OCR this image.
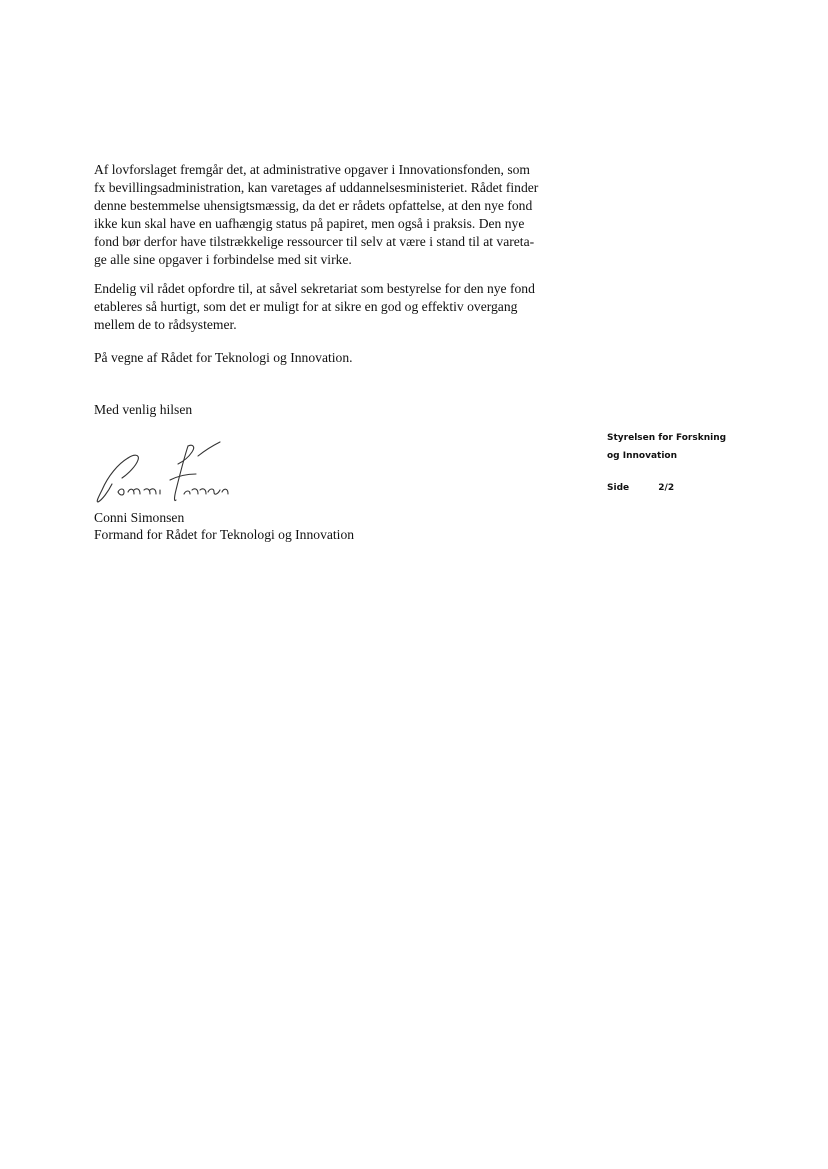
Af lovforslaget fremgår det, at administrative opgaver i Innovationsfonden, som
fx bevillingsadministration, kan varetages af uddannelsesministeriet. Rådet finder
denne bestemmelse uhensigtsmæssig, da det er rådets opfattelse, at den nye fond
ikke kun skal have en uafhængig status på papiret, men også i praksis. Den nye
fond bør derfor have tilstrækkelige ressourcer til selv at være i stand til at vareta-
ge alle sine opgaver i forbindelse med sit virke.

Endelig vil rådet opfordre til, at såvel sekretariat som bestyrelse for den nye fond
etableres så hurtigt, som det er muligt for at sikre en god og effektiv overgang
mellem de to rådsystemer.

På vegne af Rådet for Teknologi og Innovation.

Med venlig hilsen

Conni Simonsen

Formand for Rådet for Teknologi og Innovation

Styrelsen for Forskning
og Innovation
Side	2/2
